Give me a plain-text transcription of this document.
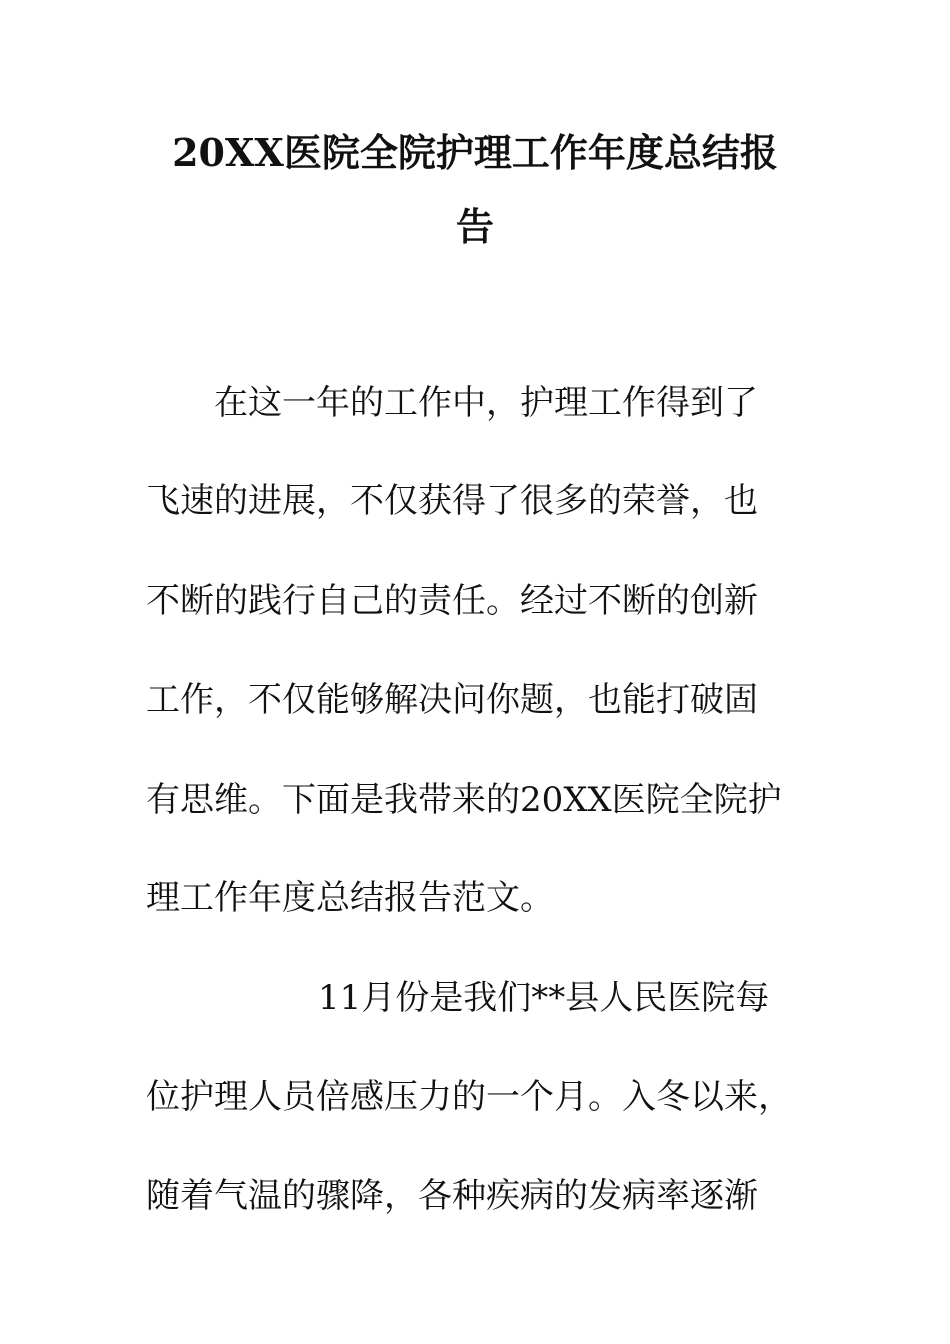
20XX医院全院护理工作年度总结报
告

在这一年的工作中，护理工作得到了

飞速的进展，不仅获得了很多的荣誉，也

不断的践行自己的责任。经过不断的创新

工作，不仅能够解决问你题，也能打破固

有思维。下面是我带来的20XX医院全院护

理工作年度总结报告范文。

11月份是我们**县人民医院每

位护理人员倍感压力的一个月。入冬以来，

随着气温的骤降，各种疾病的发病率逐渐
